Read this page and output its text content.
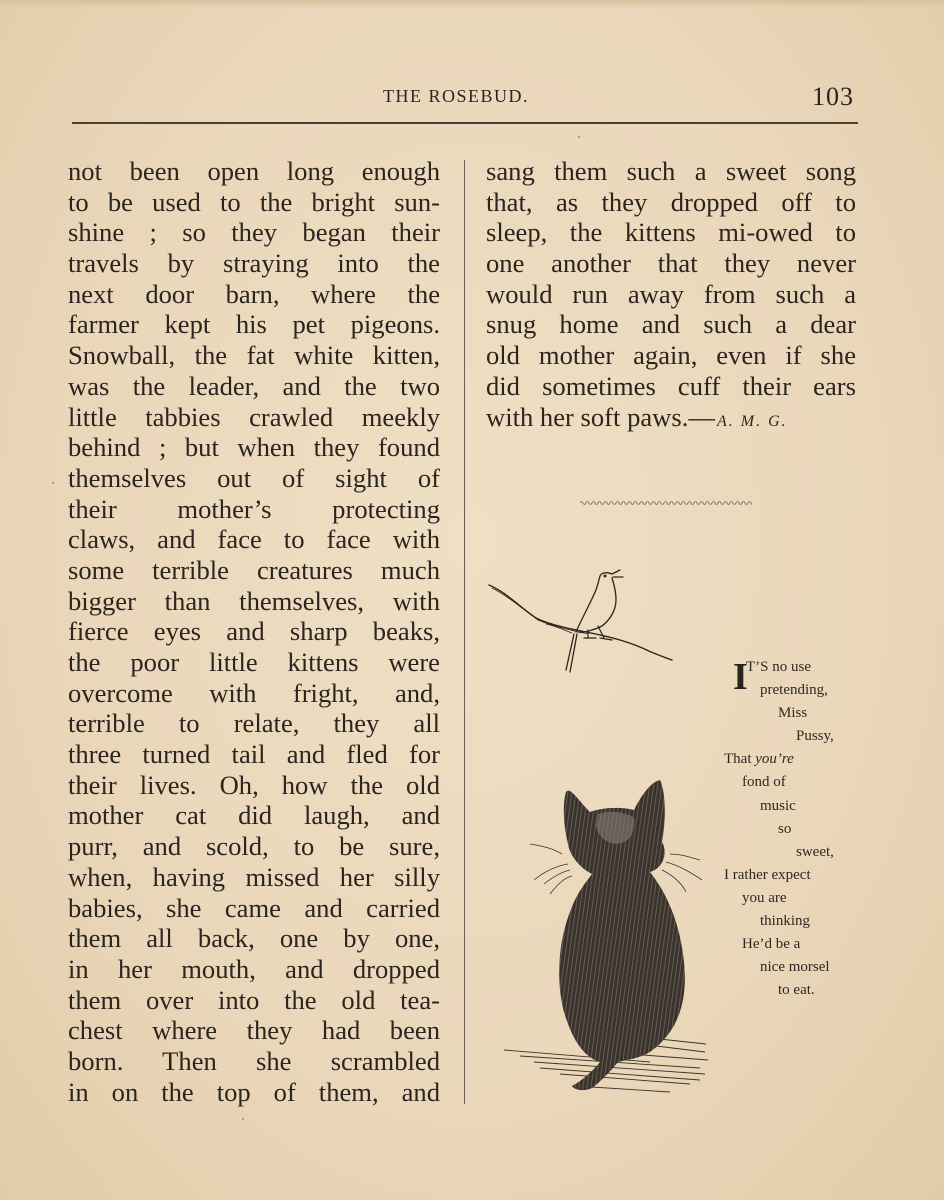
THE ROSEBUD.	103
not been open long enough
to be used to the bright sun-
shine ; so they began their
travels by straying into the
next door barn, where the
farmer kept his pet pigeons.
Snowball, the fat white kitten,
was the leader, and the two
little tabbies crawled meekly
behind ; but when they found
themselves out of sight of
their mother’s protecting
claws, and face to face with
some terrible creatures much
bigger than themselves, with
fierce eyes and sharp beaks,
the poor little kittens were
overcome with fright, and,
terrible to relate, they all
three turned tail and fled for
their lives. Oh, how the old
mother cat did laugh, and
purr, and scold, to be sure,
when, having missed her silly
babies, she came and carried
them all back, one by one,
in her mouth, and dropped
them over into the old tea-
chest where they had been
born. Then she scrambled
in on the top of them, and
sang them such a sweet song
that, as they dropped off to
sleep, the kittens mi-owed to
one another that they never
would run away from such a
snug home and such a dear
old mother again, even if she
did sometimes cuff their ears
with her soft paws.— A. M. G.
I
T’S no use
pretending,
Miss
Pussy,
That you’re
fond of
music
so
sweet,
I rather expect
you are
thinking
He’d be a
nice morsel
to eat.
